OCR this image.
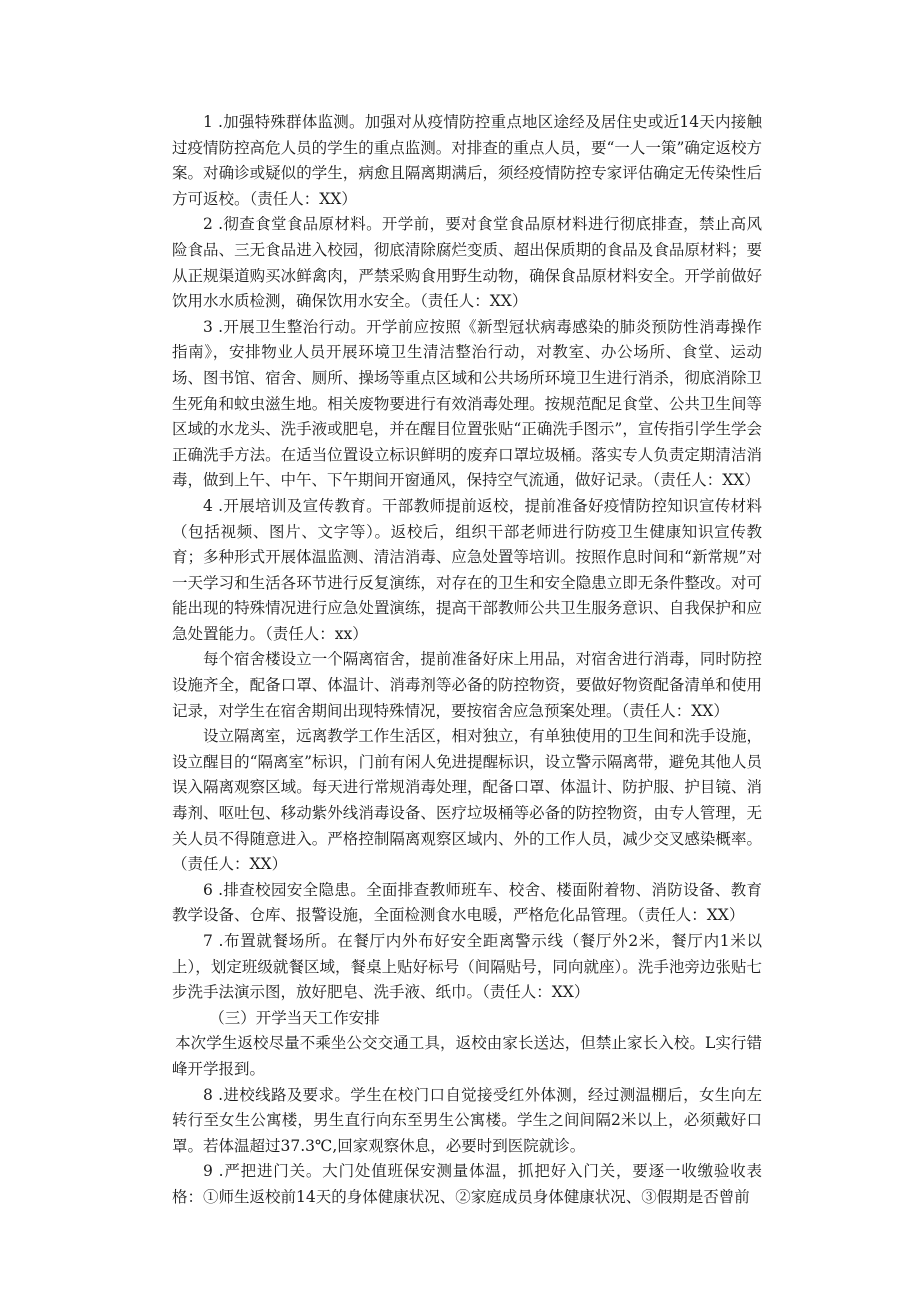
1 .加强特殊群体监测。加强对从疫情防控重点地区途经及居住史或近14天内接触过疫情防控高危人员的学生的重点监测。对排查的重点人员，要“一人一策”确定返校方案。对确诊或疑似的学生，病愈且隔离期满后，须经疫情防控专家评估确定无传染性后方可返校。（责任人：XX）

2 .彻查食堂食品原材料。开学前，要对食堂食品原材料进行彻底排查，禁止高风险食品、三无食品进入校园，彻底清除腐烂变质、超出保质期的食品及食品原材料；要从正规渠道购买冰鲜禽肉，严禁采购食用野生动物，确保食品原材料安全。开学前做好饮用水水质检测，确保饮用水安全。（责任人：XX）

3 .开展卫生整治行动。开学前应按照《新型冠状病毒感染的肺炎预防性消毒操作指南》，安排物业人员开展环境卫生清洁整治行动，对教室、办公场所、食堂、运动场、图书馆、宿舍、厕所、操场等重点区域和公共场所环境卫生进行消杀，彻底消除卫生死角和蚊虫滋生地。相关废物要进行有效消毒处理。按规范配足食堂、公共卫生间等区域的水龙头、洗手液或肥皂，并在醒目位置张贴“正确洗手图示”，宣传指引学生学会正确洗手方法。在适当位置设立标识鲜明的废弃口罩垃圾桶。落实专人负责定期清洁消毒，做到上午、中午、下午期间开窗通风，保持空气流通，做好记录。（责任人：XX）

4 .开展培训及宣传教育。干部教师提前返校，提前准备好疫情防控知识宣传材料（包括视频、图片、文字等）。返校后，组织干部老师进行防疫卫生健康知识宣传教育；多种形式开展体温监测、清洁消毒、应急处置等培训。按照作息时间和“新常规”对一天学习和生活各环节进行反复演练，对存在的卫生和安全隐患立即无条件整改。对可能出现的特殊情况进行应急处置演练，提高干部教师公共卫生服务意识、自我保护和应急处置能力。（责任人：xx）

每个宿舍楼设立一个隔离宿舍，提前准备好床上用品，对宿舍进行消毒，同时防控设施齐全，配备口罩、体温计、消毒剂等必备的防控物资，要做好物资配备清单和使用记录，对学生在宿舍期间出现特殊情况，要按宿舍应急预案处理。（责任人：XX）

设立隔离室，远离教学工作生活区，相对独立，有单独使用的卫生间和洗手设施，设立醒目的“隔离室”标识，门前有闲人免进提醒标识，设立警示隔离带，避免其他人员误入隔离观察区域。每天进行常规消毒处理，配备口罩、体温计、防护服、护目镜、消毒剂、呕吐包、移动紫外线消毒设备、医疗垃圾桶等必备的防控物资，由专人管理，无关人员不得随意进入。严格控制隔离观察区域内、外的工作人员，减少交叉感染概率。（责任人：XX）

6 .排查校园安全隐患。全面排查教师班车、校舍、楼面附着物、消防设备、教育教学设备、仓库、报警设施，全面检测食水电暖，严格危化品管理。（责任人：XX）

7 .布置就餐场所。在餐厅内外布好安全距离警示线（餐厅外2米，餐厅内1米以上），划定班级就餐区域，餐桌上贴好标号（间隔贴号，同向就座）。洗手池旁边张贴七步洗手法演示图，放好肥皂、洗手液、纸巾。（责任人：XX）

（三）开学当天工作安排

本次学生返校尽量不乘坐公交交通工具，返校由家长送达，但禁止家长入校。L实行错峰开学报到。

8 .进校线路及要求。学生在校门口自觉接受红外体测，经过测温棚后，女生向左转行至女生公寓楼，男生直行向东至男生公寓楼。学生之间间隔2米以上，必须戴好口罩。若体温超过37.3℃,回家观察休息，必要时到医院就诊。

9 .严把进门关。大门处值班保安测量体温，抓把好入门关，要逐一收缴验收表格：①师生返校前14天的身体健康状况、②家庭成员身体健康状况、③假期是否曾前
